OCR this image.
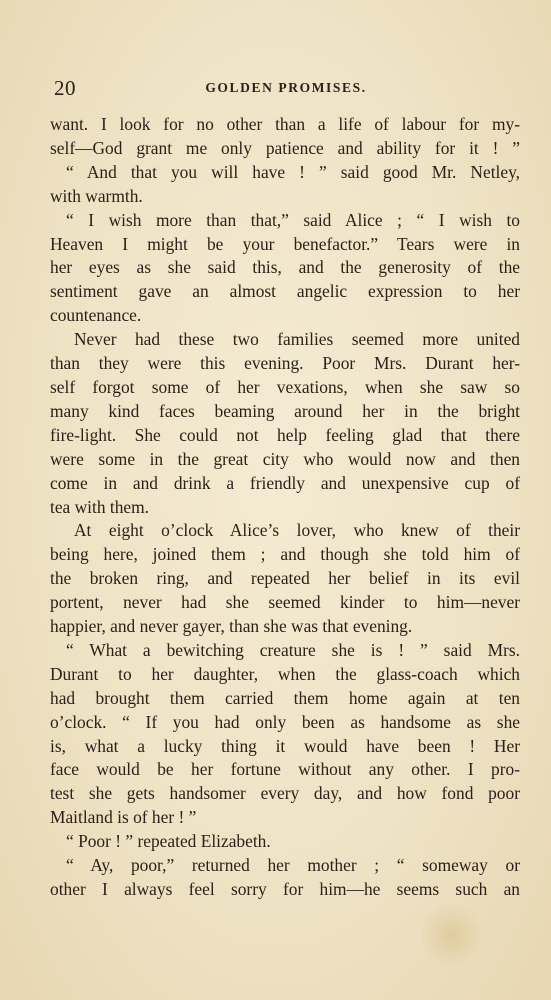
20	GOLDEN PROMISES.
want. I look for no other than a life of labour for my-
self—God grant me only patience and ability for it ! ”
“ And that you will have ! ” said good Mr. Netley,
with warmth.
“ I wish more than that,” said Alice ; “ I wish to
Heaven I might be your benefactor.” Tears were in
her eyes as she said this, and the generosity of the
sentiment gave an almost angelic expression to her
countenance.
Never had these two families seemed more united
than they were this evening. Poor Mrs. Durant her-
self forgot some of her vexations, when she saw so
many kind faces beaming around her in the bright
fire-light. She could not help feeling glad that there
were some in the great city who would now and then
come in and drink a friendly and unexpensive cup of
tea with them.
At eight o’clock Alice’s lover, who knew of their
being here, joined them ; and though she told him of
the broken ring, and repeated her belief in its evil
portent, never had she seemed kinder to him—never
happier, and never gayer, than she was that evening.
“ What a bewitching creature she is ! ” said Mrs.
Durant to her daughter, when the glass-coach which
had brought them carried them home again at ten
o’clock. “ If you had only been as handsome as she
is, what a lucky thing it would have been ! Her
face would be her fortune without any other. I pro-
test she gets handsomer every day, and how fond poor
Maitland is of her ! ”
“ Poor ! ” repeated Elizabeth.
“ Ay, poor,” returned her mother ; “ someway or
other I always feel sorry for him—he seems such an
